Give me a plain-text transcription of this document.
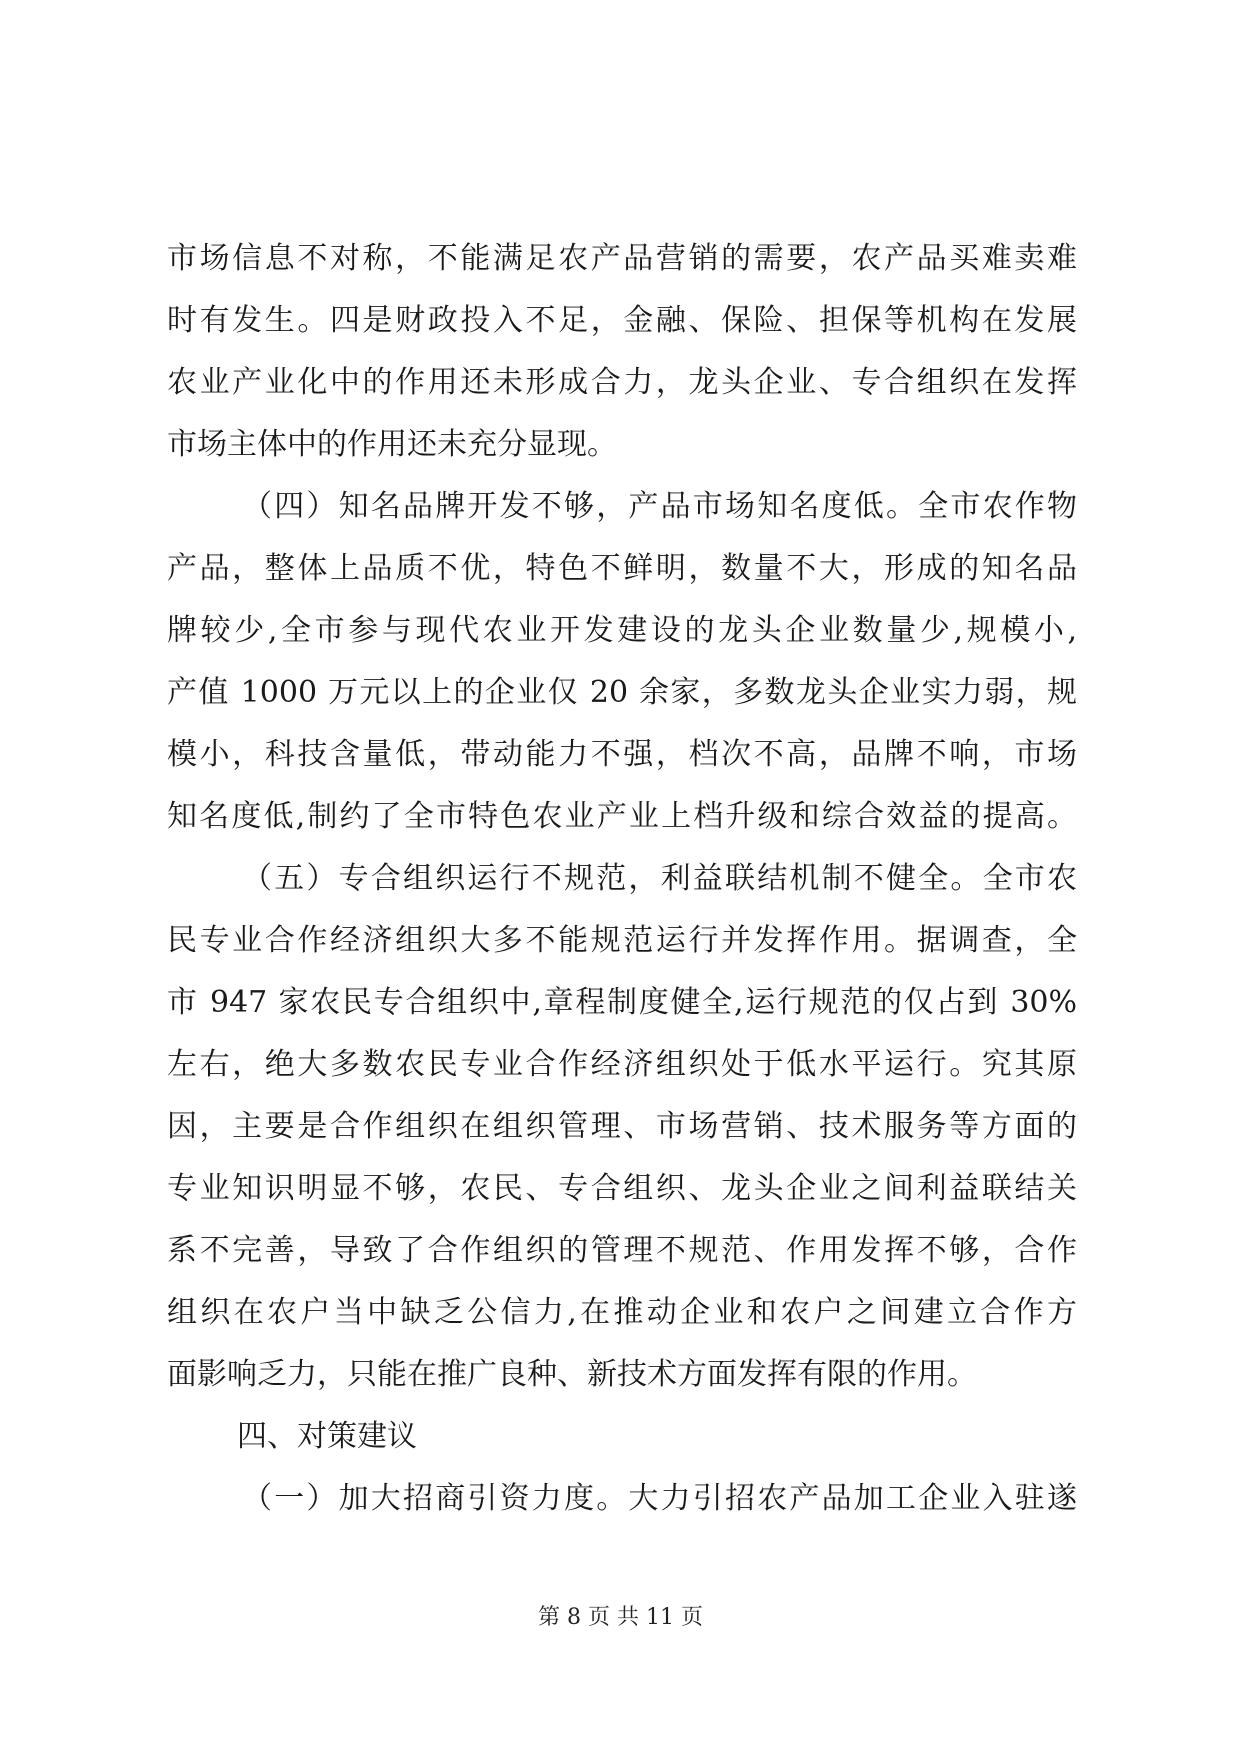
市场信息不对称，不能满足农产品营销的需要，农产品买难卖难
时有发生。四是财政投入不足，金融、保险、担保等机构在发展
农业产业化中的作用还未形成合力，龙头企业、专合组织在发挥
市场主体中的作用还未充分显现。
（四）知名品牌开发不够，产品市场知名度低。全市农作物
产品，整体上品质不优，特色不鲜明，数量不大，形成的知名品
牌较少,全市参与现代农业开发建设的龙头企业数量少,规模小,
产值 1000 万元以上的企业仅 20 余家，多数龙头企业实力弱，规
模小，科技含量低，带动能力不强，档次不高，品牌不响，市场
知名度低,制约了全市特色农业产业上档升级和综合效益的提高。
（五）专合组织运行不规范，利益联结机制不健全。全市农
民专业合作经济组织大多不能规范运行并发挥作用。据调查，全
市 947 家农民专合组织中,章程制度健全,运行规范的仅占到 30%
左右，绝大多数农民专业合作经济组织处于低水平运行。究其原
因，主要是合作组织在组织管理、市场营销、技术服务等方面的
专业知识明显不够，农民、专合组织、龙头企业之间利益联结关
系不完善，导致了合作组织的管理不规范、作用发挥不够，合作
组织在农户当中缺乏公信力,在推动企业和农户之间建立合作方
面影响乏力，只能在推广良种、新技术方面发挥有限的作用。
四、对策建议
（一）加大招商引资力度。大力引招农产品加工企业入驻遂
第 8 页 共 11 页
